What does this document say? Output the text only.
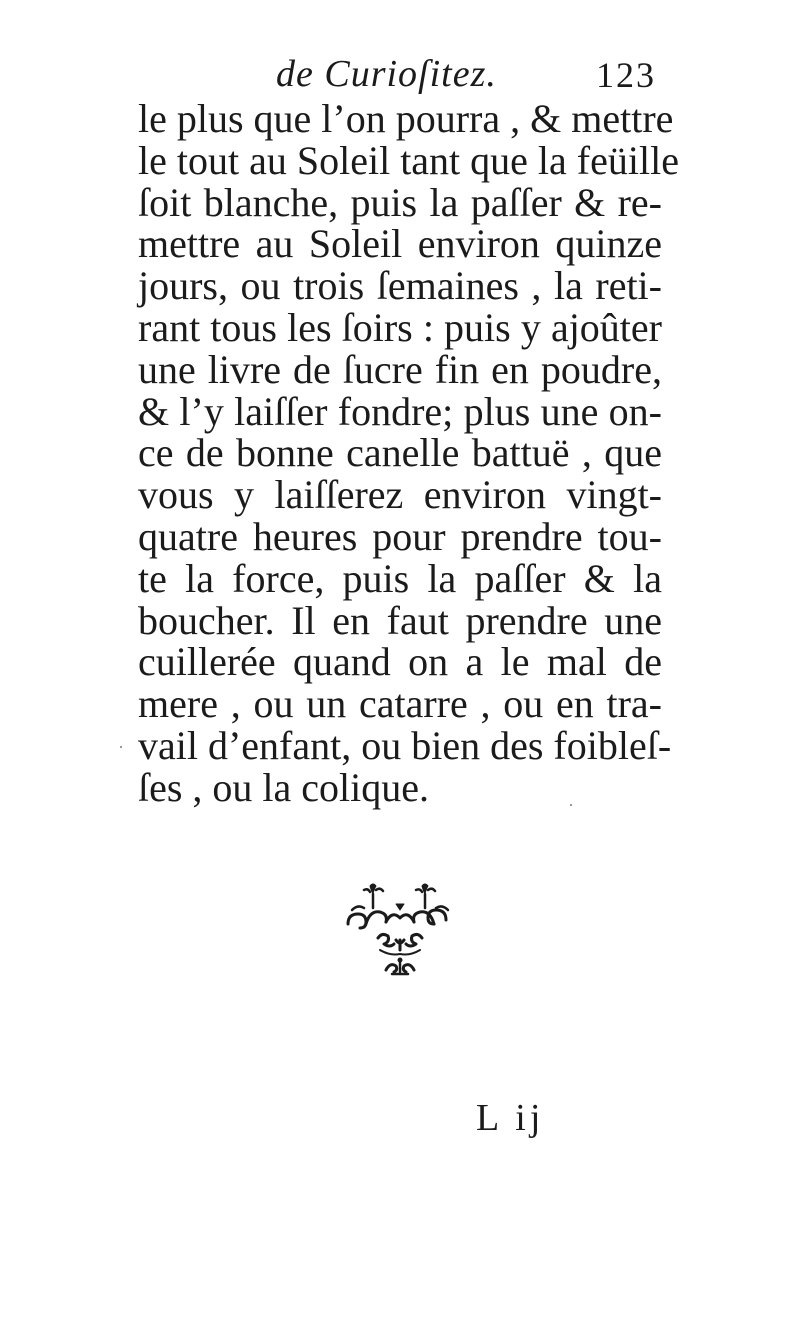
de Curioſitez.	123
le plus que l’on pourra , & mettre
le tout au Soleil tant que la feüille
ſoit blanche, puis la paſſer & re-
mettre au Soleil environ quinze
jours, ou trois ſemaines , la reti-
rant tous les ſoirs : puis y ajoûter
une livre de ſucre fin en poudre,
& l’y laiſſer fondre; plus une on-
ce de bonne canelle battuë , que
vous y laiſſerez environ vingt-
quatre heures pour prendre tou-
te la force, puis la paſſer & la
boucher. Il en faut prendre une
cuillerée quand on a le mal de
mere , ou un catarre , ou en tra-
vail d’enfant, ou bien des foibleſ-
ſes , ou la colique.
L ij
